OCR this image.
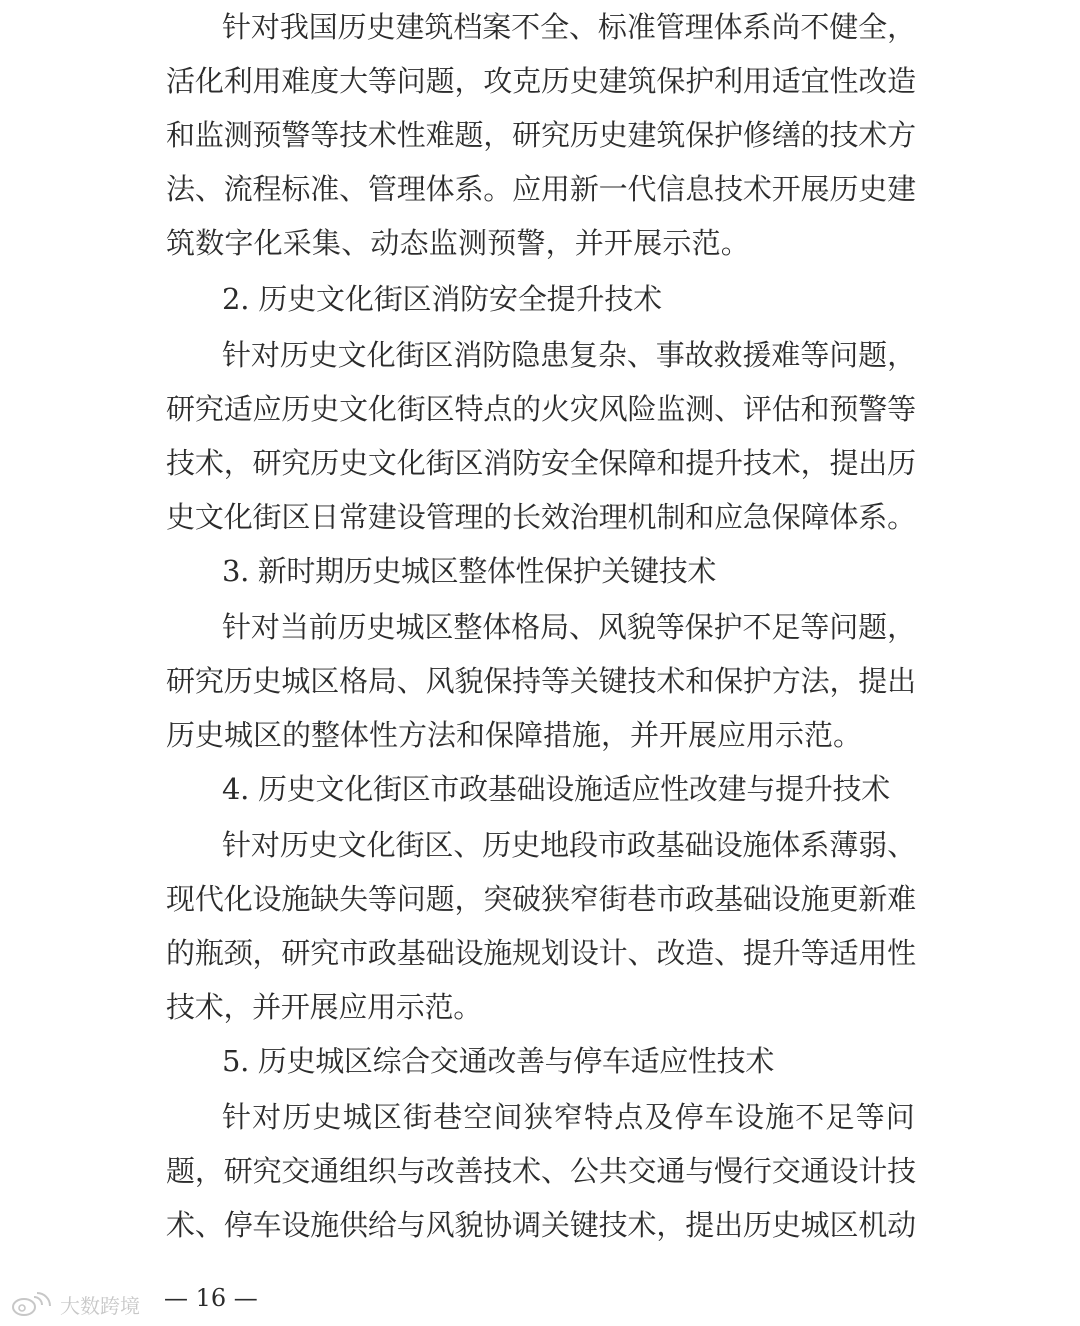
针对我国历史建筑档案不全、标准管理体系尚不健全，
活化利用难度大等问题，攻克历史建筑保护利用适宜性改造
和监测预警等技术性难题，研究历史建筑保护修缮的技术方
法、流程标准、管理体系。应用新一代信息技术开展历史建
筑数字化采集、动态监测预警，并开展示范。
2. 历史文化街区消防安全提升技术
针对历史文化街区消防隐患复杂、事故救援难等问题，
研究适应历史文化街区特点的火灾风险监测、评估和预警等
技术，研究历史文化街区消防安全保障和提升技术，提出历
史文化街区日常建设管理的长效治理机制和应急保障体系。
3. 新时期历史城区整体性保护关键技术
针对当前历史城区整体格局、风貌等保护不足等问题，
研究历史城区格局、风貌保持等关键技术和保护方法，提出
历史城区的整体性方法和保障措施，并开展应用示范。
4. 历史文化街区市政基础设施适应性改建与提升技术
针对历史文化街区、历史地段市政基础设施体系薄弱、
现代化设施缺失等问题，突破狭窄街巷市政基础设施更新难
的瓶颈，研究市政基础设施规划设计、改造、提升等适用性
技术，并开展应用示范。
5. 历史城区综合交通改善与停车适应性技术
针对历史城区街巷空间狭窄特点及停车设施不足等问
题，研究交通组织与改善技术、公共交通与慢行交通设计技
术、停车设施供给与风貌协调关键技术，提出历史城区机动
— 16 —
大数跨境
